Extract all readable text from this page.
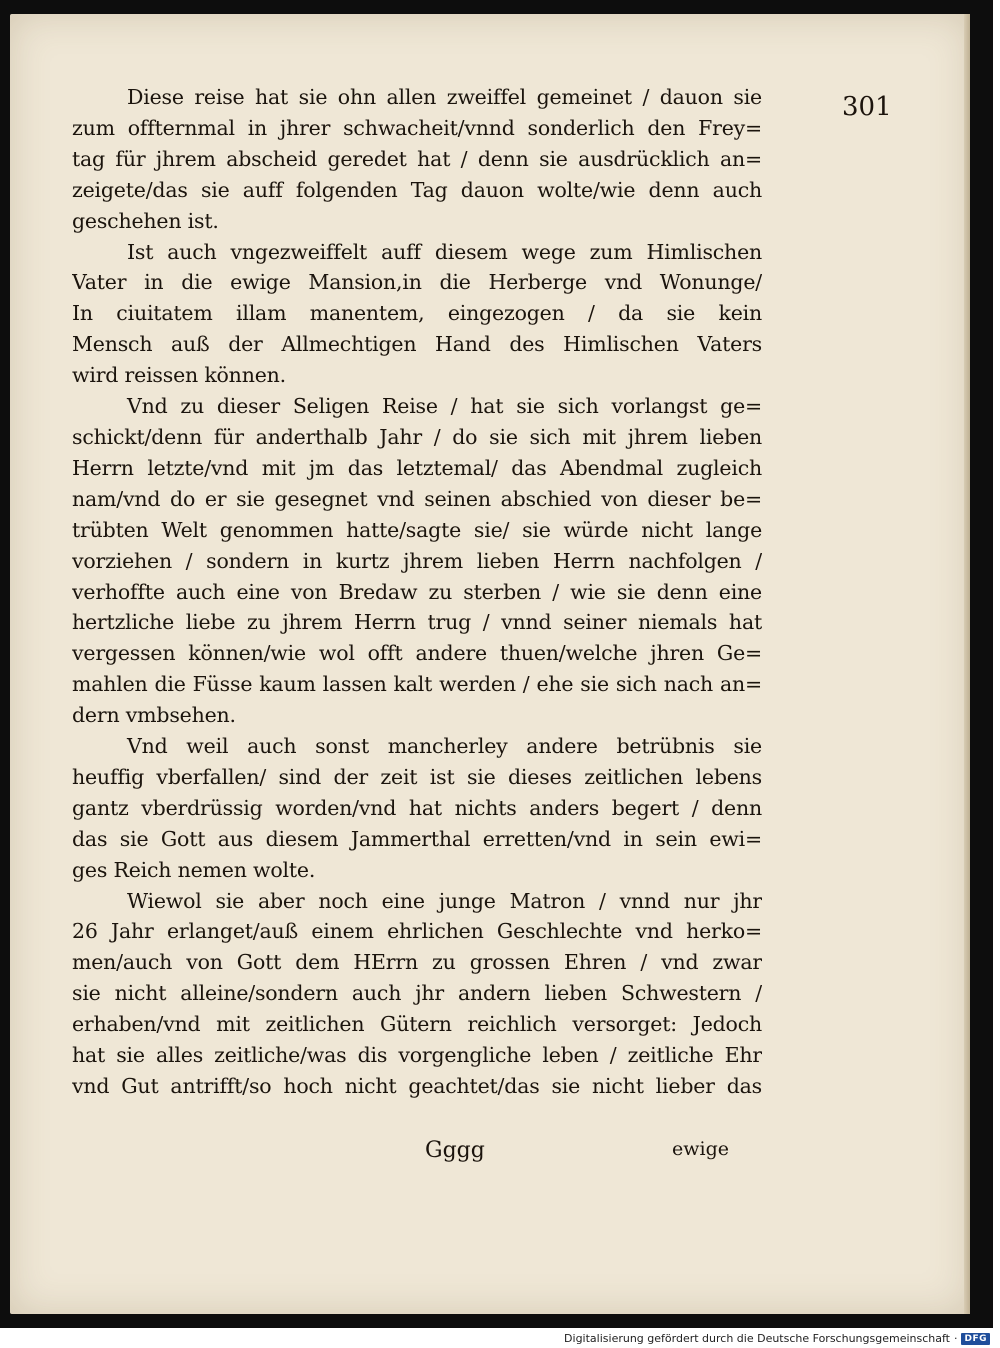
301

Diese reise hat sie ohn allen zweiffel gemeinet / dauon sie
zum offternmal in jhrer schwacheit/vnnd sonderlich den Frey=
tag für jhrem abscheid geredet hat / denn sie ausdrücklich an=
zeigete/das sie auff folgenden Tag dauon wolte/wie denn auch
geschehen ist.

Ist auch vngezweiffelt auff diesem wege zum Himlischen
Vater in die ewige Mansion,in die Herberge vnd Wonunge/
In ciuitatem illam manentem, eingezogen / da sie kein
Mensch auß der Allmechtigen Hand des Himlischen Vaters
wird reissen können.

Vnd zu dieser Seligen Reise / hat sie sich vorlangst ge=
schickt/denn für anderthalb Jahr / do sie sich mit jhrem lieben
Herrn letzte/vnd mit jm das letztemal/ das Abendmal zugleich
nam/vnd do er sie gesegnet vnd seinen abschied von dieser be=
trübten Welt genommen hatte/sagte sie/ sie würde nicht lange
vorziehen / sondern in kurtz jhrem lieben Herrn nachfolgen /
verhoffte auch eine von Bredaw zu sterben / wie sie denn eine
hertzliche liebe zu jhrem Herrn trug / vnnd seiner niemals hat
vergessen können/wie wol offt andere thuen/welche jhren Ge=
mahlen die Füsse kaum lassen kalt werden / ehe sie sich nach an=
dern vmbsehen.

Vnd weil auch sonst mancherley andere betrübnis sie
heuffig vberfallen/ sind der zeit ist sie dieses zeitlichen lebens
gantz vberdrüssig worden/vnd hat nichts anders begert / denn
das sie Gott aus diesem Jammerthal erretten/vnd in sein ewi=
ges Reich nemen wolte.

Wiewol sie aber noch eine junge Matron / vnnd nur jhr
26 Jahr erlanget/auß einem ehrlichen Geschlechte vnd herko=
men/auch von Gott dem HErrn zu grossen Ehren / vnd zwar
sie nicht alleine/sondern auch jhr andern lieben Schwestern /
erhaben/vnd mit zeitlichen Gütern reichlich versorget: Jedoch
hat sie alles zeitliche/was dis vorgengliche leben / zeitliche Ehr
vnd Gut antrifft/so hoch nicht geachtet/das sie nicht lieber das

Gggg	ewige
Digitalisierung gefördert durch die Deutsche Forschungsgemeinschaft · DFG
